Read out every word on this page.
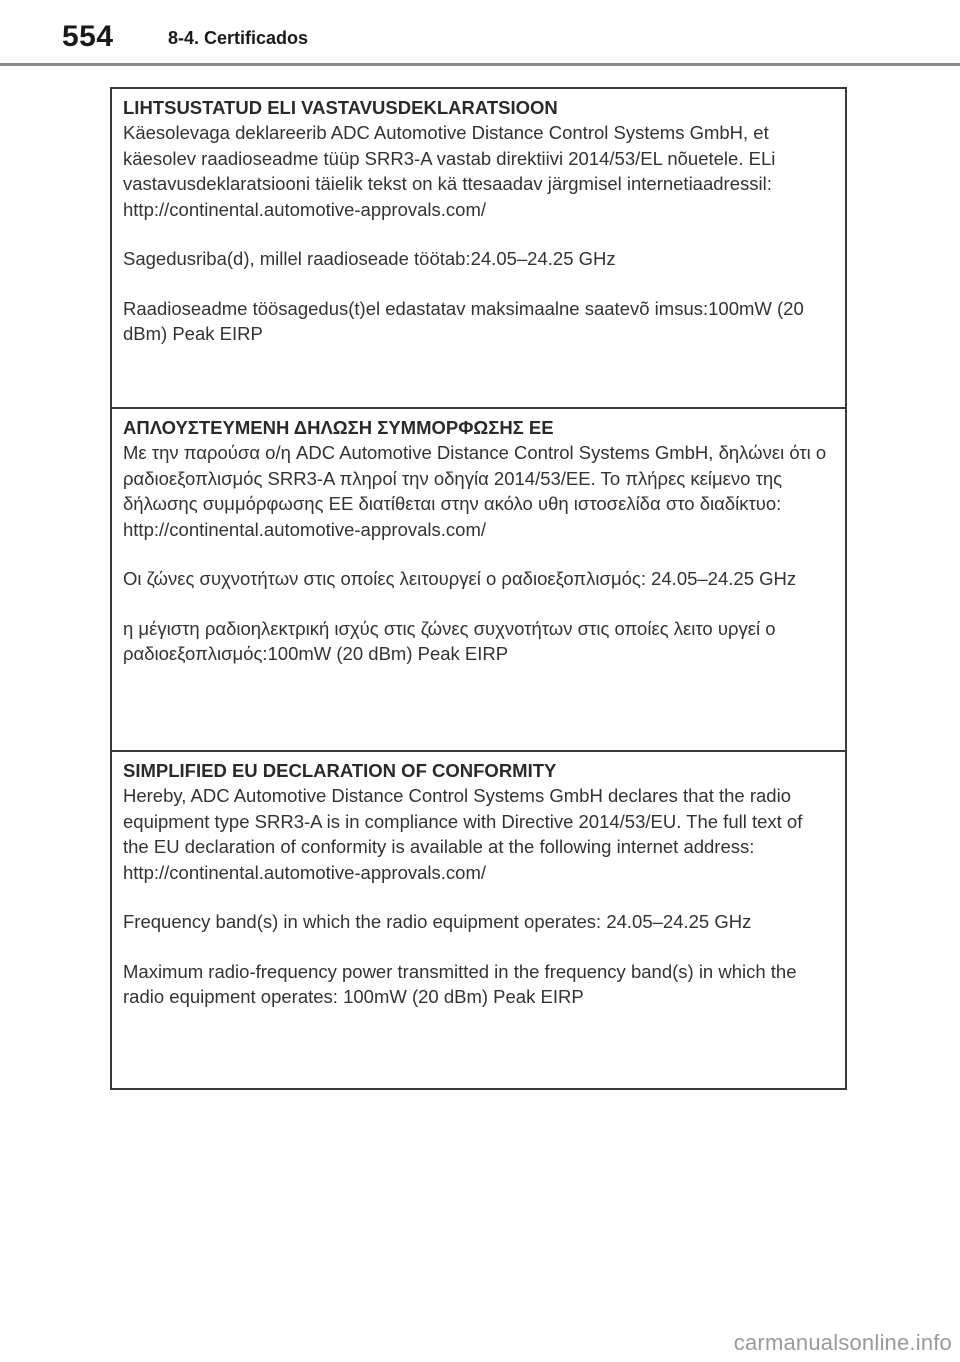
554	8-4. Certificados

LIHTSUSTATUD ELI VASTAVUSDEKLARATSIOON

Käesolevaga deklareerib ADC Automotive Distance Control Systems GmbH, et käesolev raadioseadme tüüp SRR3-A vastab direktiivi 2014/53/EL nõuetele. ELi vastavusdeklaratsiooni täielik tekst on kä ttesaadav järgmisel internetiaadressil:

http://continental.automotive-approvals.com/

Sagedusriba(d), millel raadioseade töötab:24.05–24.25 GHz

Raadioseadme töösagedus(t)el edastatav maksimaalne saatevõ imsus:100mW (20 dBm) Peak EIRP

ΑΠΛΟΥΣΤΕΥΜΕΝΗ ΔΗΛΩΣΗ ΣΥΜΜΟΡΦΩΣΗΣ ΕΕ

Με την παρούσα ο/η ADC Automotive Distance Control Systems GmbH, δηλώνει ότι ο ραδιοεξοπλισμός SRR3-A πληροί την οδηγία 2014/53/ΕΕ. Το πλήρες κείμενο της δήλωσης συμμόρφωσης ΕΕ διατίθεται στην ακόλο υθη ιστοσελίδα στο διαδίκτυο:

http://continental.automotive-approvals.com/

Οι ζώνες συχνοτήτων στις οποίες λειτουργεί ο ραδιοεξοπλισμός: 24.05–24.25 GHz

η μέγιστη ραδιοηλεκτρική ισχύς στις ζώνες συχνοτήτων στις οποίες λειτο υργεί ο ραδιοεξοπλισμός:100mW (20 dBm) Peak EIRP

SIMPLIFIED EU DECLARATION OF CONFORMITY

Hereby, ADC Automotive Distance Control Systems GmbH declares that the radio equipment type SRR3-A is in compliance with Directive 2014/53/EU. The full text of the EU declaration of conformity is available at the following internet address:

http://continental.automotive-approvals.com/

Frequency band(s) in which the radio equipment operates: 24.05–24.25 GHz

Maximum radio-frequency power transmitted in the frequency band(s) in which the radio equipment operates: 100mW (20 dBm) Peak EIRP

carmanualsonline.info
